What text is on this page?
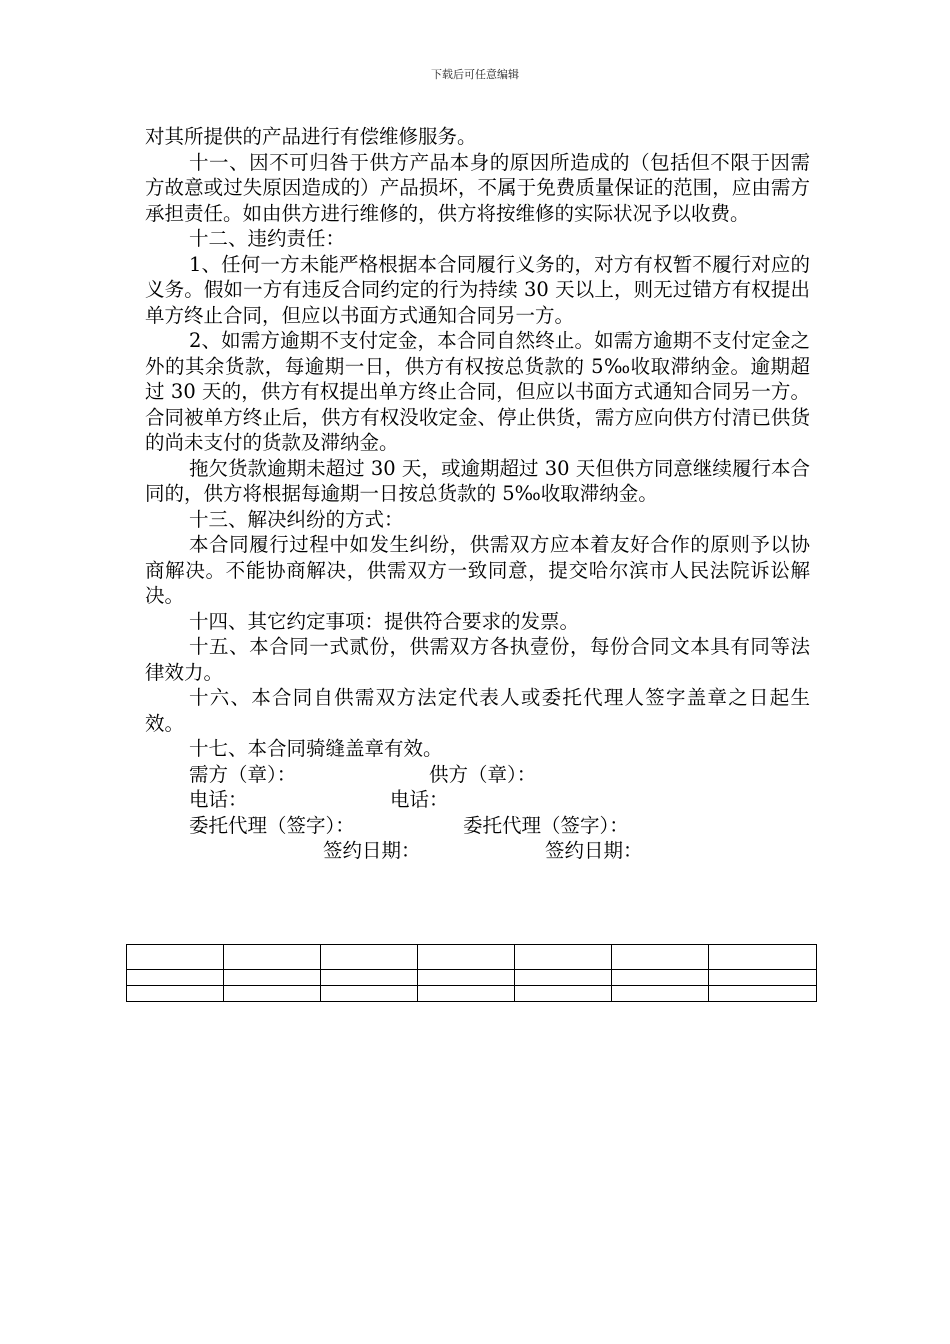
下载后可任意编辑

对其所提供的产品进行有偿维修服务。

十一、因不可归咎于供方产品本身的原因所造成的（包括但不限于因需方故意或过失原因造成的）产品损坏，不属于免费质量保证的范围，应由需方承担责任。如由供方进行维修的，供方将按维修的实际状况予以收费。

十二、违约责任：

1、任何一方未能严格根据本合同履行义务的，对方有权暂不履行对应的义务。假如一方有违反合同约定的行为持续 30 天以上，则无过错方有权提出单方终止合同，但应以书面方式通知合同另一方。

2、如需方逾期不支付定金，本合同自然终止。如需方逾期不支付定金之外的其余货款，每逾期一日，供方有权按总货款的 5‰收取滞纳金。逾期超过 30 天的，供方有权提出单方终止合同，但应以书面方式通知合同另一方。合同被单方终止后，供方有权没收定金、停止供货，需方应向供方付清已供货的尚未支付的货款及滞纳金。

拖欠货款逾期未超过 30 天，或逾期超过 30 天但供方同意继续履行本合同的，供方将根据每逾期一日按总货款的 5‰收取滞纳金。

十三、解决纠纷的方式：

本合同履行过程中如发生纠纷，供需双方应本着友好合作的原则予以协商解决。不能协商解决，供需双方一致同意，提交哈尔滨市人民法院诉讼解决。

十四、其它约定事项：提供符合要求的发票。

十五、本合同一式贰份，供需双方各执壹份，每份合同文本具有同等法律效力。

十六、本合同自供需双方法定代表人或委托代理人签字盖章之日起生效。

十七、本合同骑缝盖章有效。

需方（章）：	供方（章）：
电话：	电话：
委托代理（签字）：	委托代理（签字）：
签约日期：	签约日期：
